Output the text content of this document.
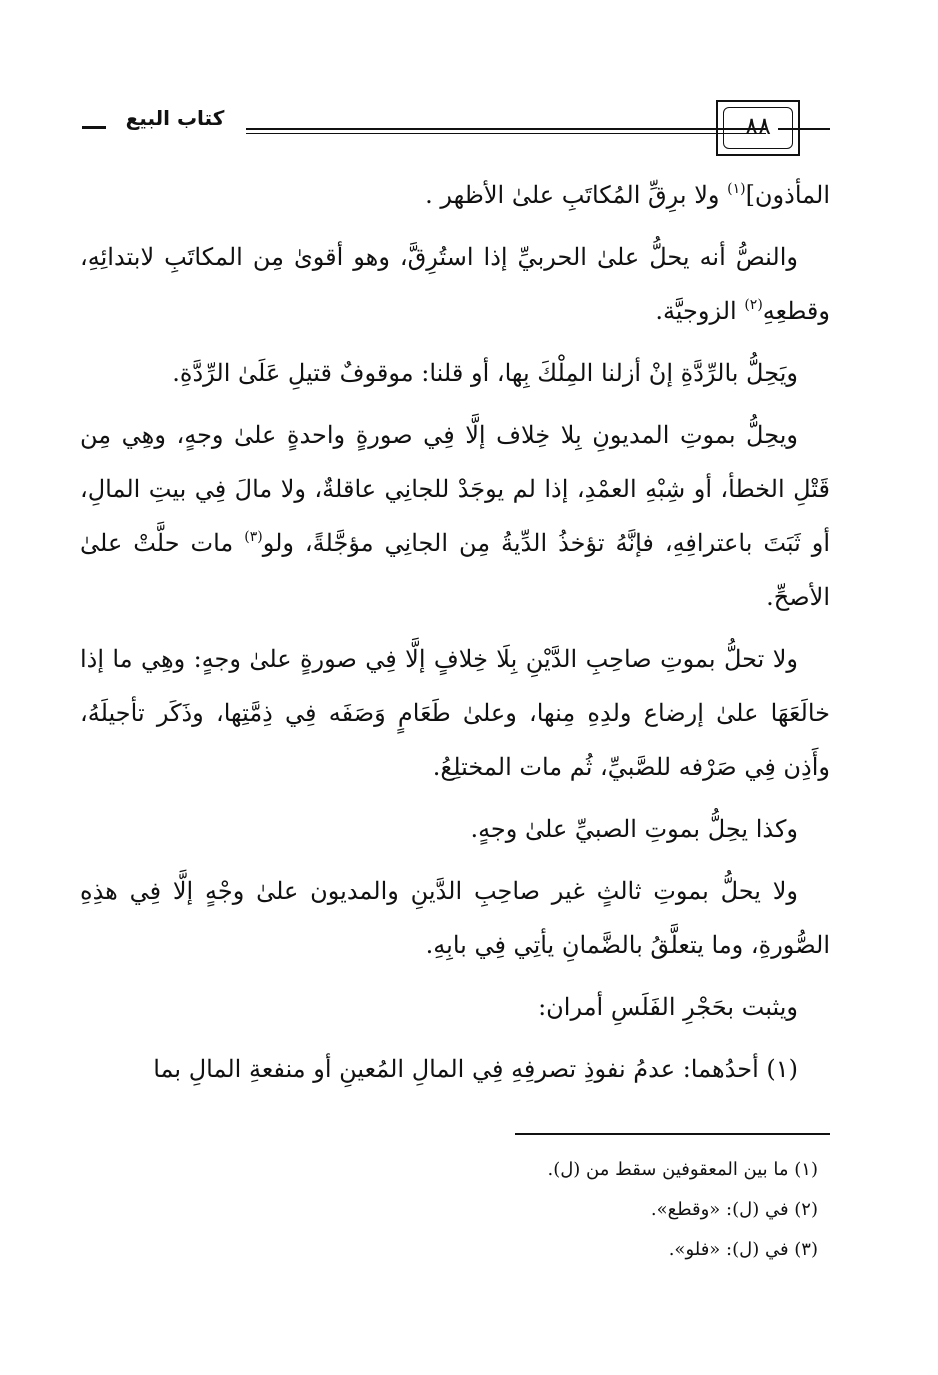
كتاب البيع	٨٨

المأذون]$^{(١)}$ ولا برِقِّ المُكاتَبِ علىٰ الأظهر .

والنصُّ أنه يحلُّ علىٰ الحربيِّ إذا استُرِقَّ، وهو أقوىٰ مِن المكاتَبِ لابتدائِهِ، وقطعِهِ$^{(٢)}$ الزوجيَّة.

ويَحِلُّ بالرِّدَّةِ إنْ أزلنا المِلْكَ بِها، أو قلنا: موقوفٌ قتيلِ عَلَىٰ الرِّدَّةِ.

ويحِلُّ بموتِ المديونِ بِلا خِلاف إلَّا فِي صورةٍ واحدةٍ علىٰ وجهٍ، وهِي مِن قَتْلِ الخطأ، أو شِبْهِ العمْدِ، إذا لم يوجَدْ للجانِي عاقلةٌ، ولا مالَ فِي بيتِ المالِ، أو ثَبَتَ باعترافِهِ، فإنَّهُ تؤخذُ الدِّيةُ مِن الجانِي مؤجَّلةً، ولو$^{(٣)}$ مات حلَّتْ علىٰ الأصحِّ.

ولا تحلُّ بموتِ صاحِبِ الدَّيْنِ بِلَا خِلافٍ إلَّا فِي صورةٍ علىٰ وجهٍ: وهِي ما إذا خالَعَهَا علىٰ إرضاع ولدِهِ مِنها، وعلىٰ طَعَامٍ وَصَفَه فِي ذِمَّتِها، وذَكَر تأجيلَهُ، وأَذِن فِي صَرْفه للصَّبيِّ، ثُم مات المختلِعُ.

وكذا يحِلُّ بموتِ الصبيِّ علىٰ وجهٍ.

ولا يحلُّ بموتِ ثالثٍ غير صاحِبِ الدَّينِ والمديون علىٰ وجْهٍ إلَّا فِي هذِهِ الصُّورةِ، وما يتعلَّقُ بالضَّمانِ يأتِي فِي بابِهِ.

ويثبت بحَجْرِ الفَلَسِ أمران:

(١) أحدُهما: عدمُ نفوذِ تصرفِهِ فِي المالِ المُعينِ أو منفعةِ المالِ بما

(١) ما بين المعقوفين سقط من (ل).

(٢) في (ل): «وقطع».

(٣) في (ل): «فلو».
